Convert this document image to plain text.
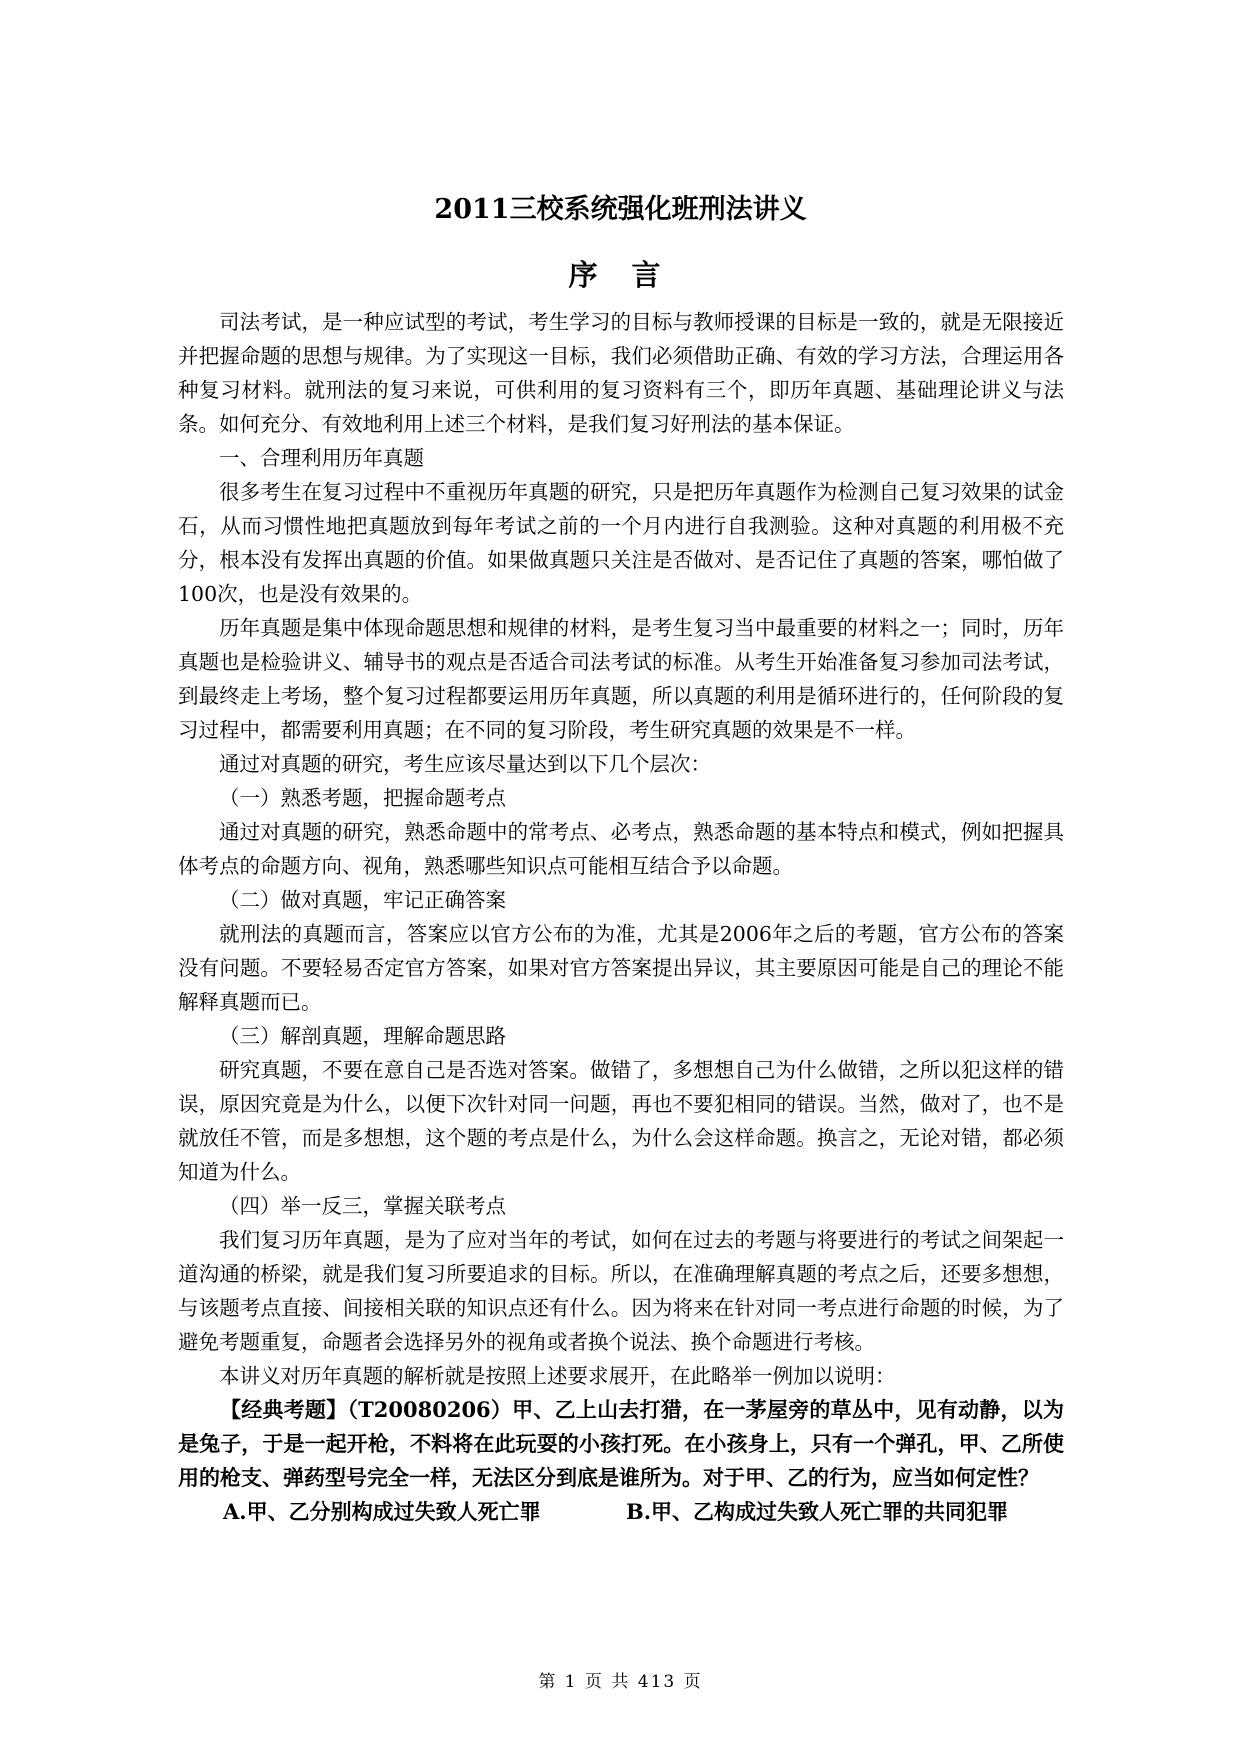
2011三校系统强化班刑法讲义
序 言

司法考试，是一种应试型的考试，考生学习的目标与教师授课的目标是一致的，就是无限接近并把握命题的思想与规律。为了实现这一目标，我们必须借助正确、有效的学习方法，合理运用各种复习材料。就刑法的复习来说，可供利用的复习资料有三个，即历年真题、基础理论讲义与法条。如何充分、有效地利用上述三个材料，是我们复习好刑法的基本保证。

一、合理利用历年真题

很多考生在复习过程中不重视历年真题的研究，只是把历年真题作为检测自己复习效果的试金石，从而习惯性地把真题放到每年考试之前的一个月内进行自我测验。这种对真题的利用极不充分，根本没有发挥出真题的价值。如果做真题只关注是否做对、是否记住了真题的答案，哪怕做了100次，也是没有效果的。

历年真题是集中体现命题思想和规律的材料，是考生复习当中最重要的材料之一；同时，历年真题也是检验讲义、辅导书的观点是否适合司法考试的标准。从考生开始准备复习参加司法考试，到最终走上考场，整个复习过程都要运用历年真题，所以真题的利用是循环进行的，任何阶段的复习过程中，都需要利用真题；在不同的复习阶段，考生研究真题的效果是不一样。

通过对真题的研究，考生应该尽量达到以下几个层次：

（一）熟悉考题，把握命题考点

通过对真题的研究，熟悉命题中的常考点、必考点，熟悉命题的基本特点和模式，例如把握具体考点的命题方向、视角，熟悉哪些知识点可能相互结合予以命题。

（二）做对真题，牢记正确答案

就刑法的真题而言，答案应以官方公布的为准，尤其是2006年之后的考题，官方公布的答案没有问题。不要轻易否定官方答案，如果对官方答案提出异议，其主要原因可能是自己的理论不能解释真题而已。

（三）解剖真题，理解命题思路

研究真题，不要在意自己是否选对答案。做错了，多想想自己为什么做错，之所以犯这样的错误，原因究竟是为什么，以便下次针对同一问题，再也不要犯相同的错误。当然，做对了，也不是就放任不管，而是多想想，这个题的考点是什么，为什么会这样命题。换言之，无论对错，都必须知道为什么。

（四）举一反三，掌握关联考点

我们复习历年真题，是为了应对当年的考试，如何在过去的考题与将要进行的考试之间架起一道沟通的桥梁，就是我们复习所要追求的目标。所以，在准确理解真题的考点之后，还要多想想，与该题考点直接、间接相关联的知识点还有什么。因为将来在针对同一考点进行命题的时候，为了避免考题重复，命题者会选择另外的视角或者换个说法、换个命题进行考核。

本讲义对历年真题的解析就是按照上述要求展开，在此略举一例加以说明：

【经典考题】（T20080206）甲、乙上山去打猎，在一茅屋旁的草丛中，见有动静，以为是兔子，于是一起开枪，不料将在此玩耍的小孩打死。在小孩身上，只有一个弹孔，甲、乙所使用的枪支、弹药型号完全一样，无法区分到底是谁所为。对于甲、乙的行为，应当如何定性？

A.甲、乙分别构成过失致人死亡罪	B.甲、乙构成过失致人死亡罪的共同犯罪
第 1 页 共 413 页
